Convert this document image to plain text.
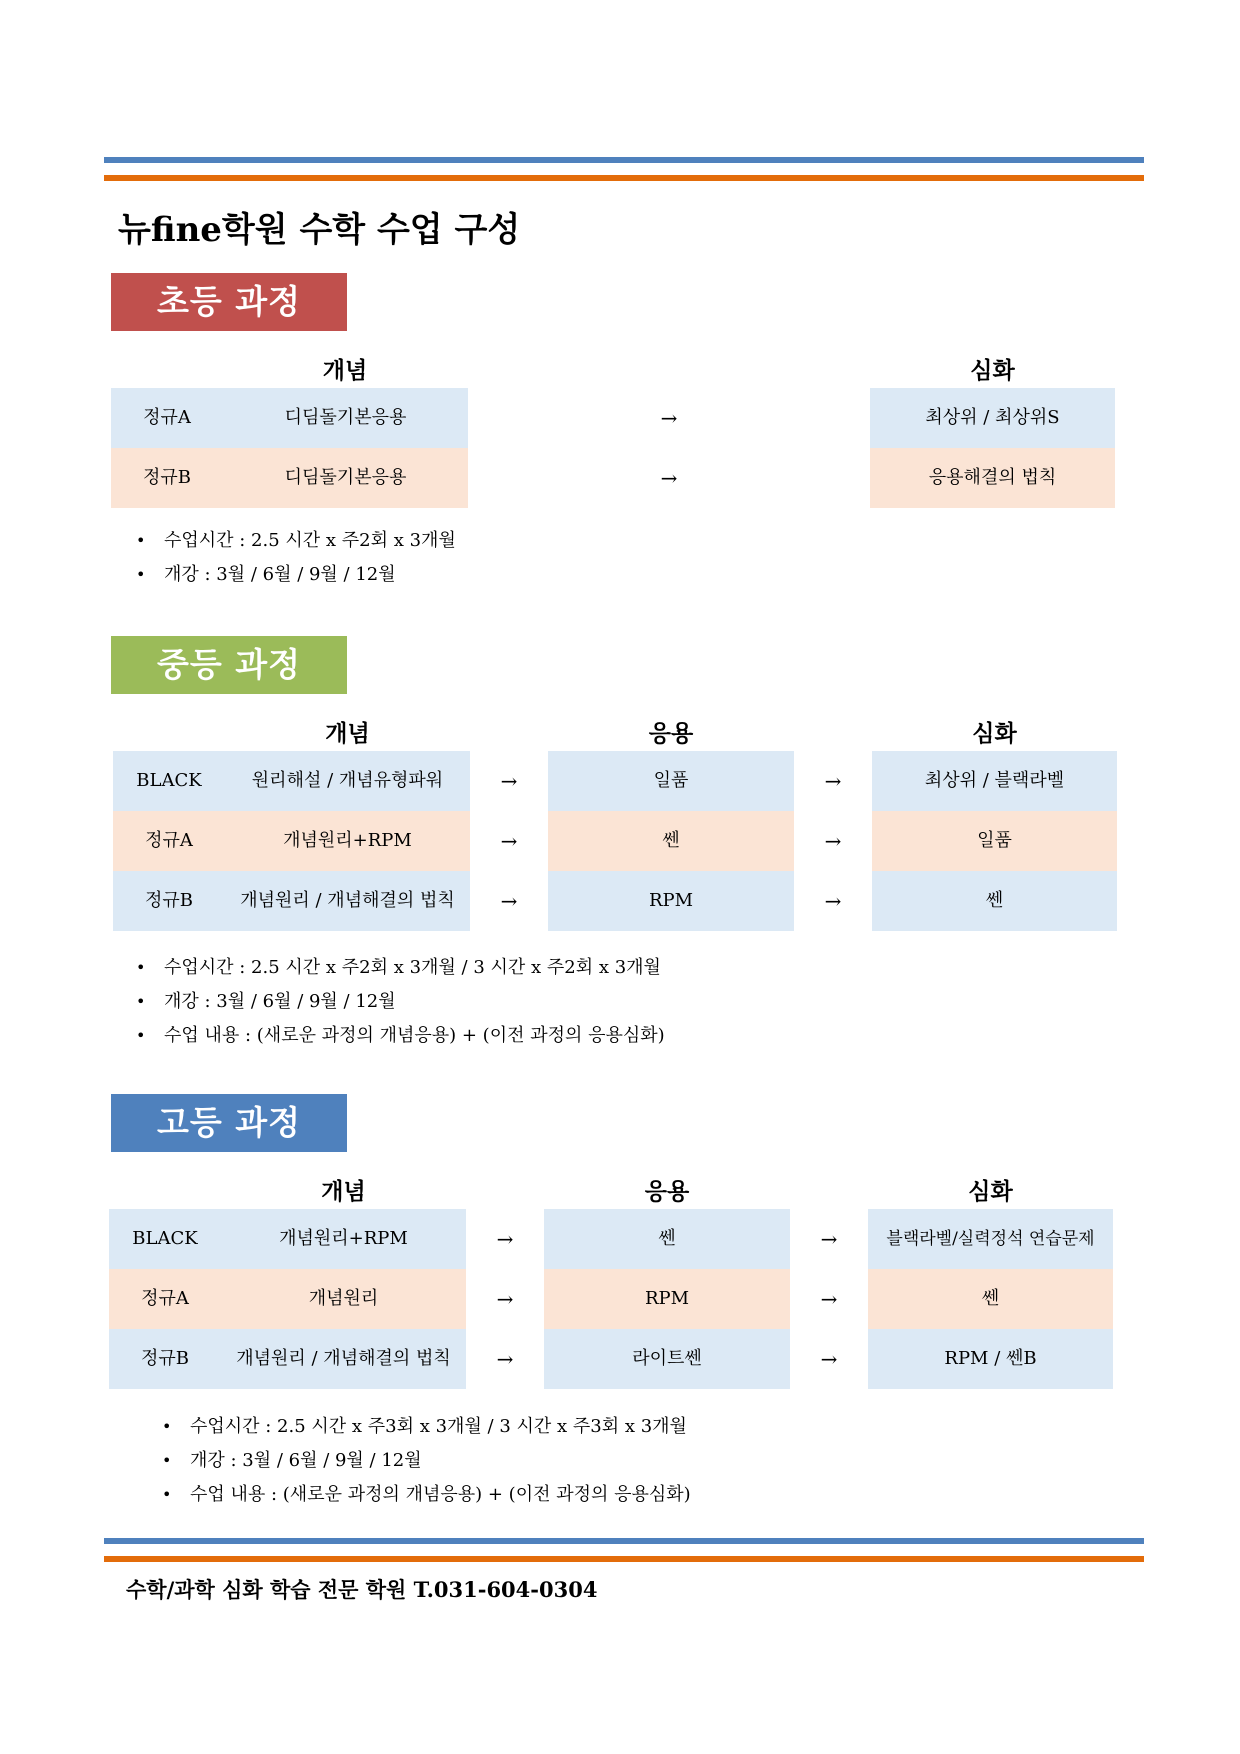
뉴fine학원 수학 수업 구성
초등 과정
개념	심화
정규A	디딤돌기본응용	→	최상위 / 최상위S
정규B	디딤돌기본응용	→	응용해결의 법칙
• 수업시간 : 2.5 시간 x 주2회 x 3개월
• 개강 : 3월 / 6월 / 9월 / 12월
중등 과정
개념	응용	심화
BLACK	원리해설 / 개념유형파워	→	일품	→	최상위 / 블랙라벨
정규A	개념원리+RPM	→	쎈	→	일품
정규B	개념원리 / 개념해결의 법칙	→	RPM	→	쎈
• 수업시간 : 2.5 시간 x 주2회 x 3개월 / 3 시간 x 주2회 x 3개월
• 개강 : 3월 / 6월 / 9월 / 12월
• 수업 내용 : (새로운 과정의 개념응용) + (이전 과정의 응용심화)
고등 과정
개념	응용	심화
BLACK	개념원리+RPM	→	쎈	→	블랙라벨/실력정석 연습문제
정규A	개념원리	→	RPM	→	쎈
정규B	개념원리 / 개념해결의 법칙	→	라이트쎈	→	RPM / 쎈B
• 수업시간 : 2.5 시간 x 주3회 x 3개월 / 3 시간 x 주3회 x 3개월
• 개강 : 3월 / 6월 / 9월 / 12월
• 수업 내용 : (새로운 과정의 개념응용) + (이전 과정의 응용심화)
수학/과학 심화 학습 전문 학원 T.031-604-0304
